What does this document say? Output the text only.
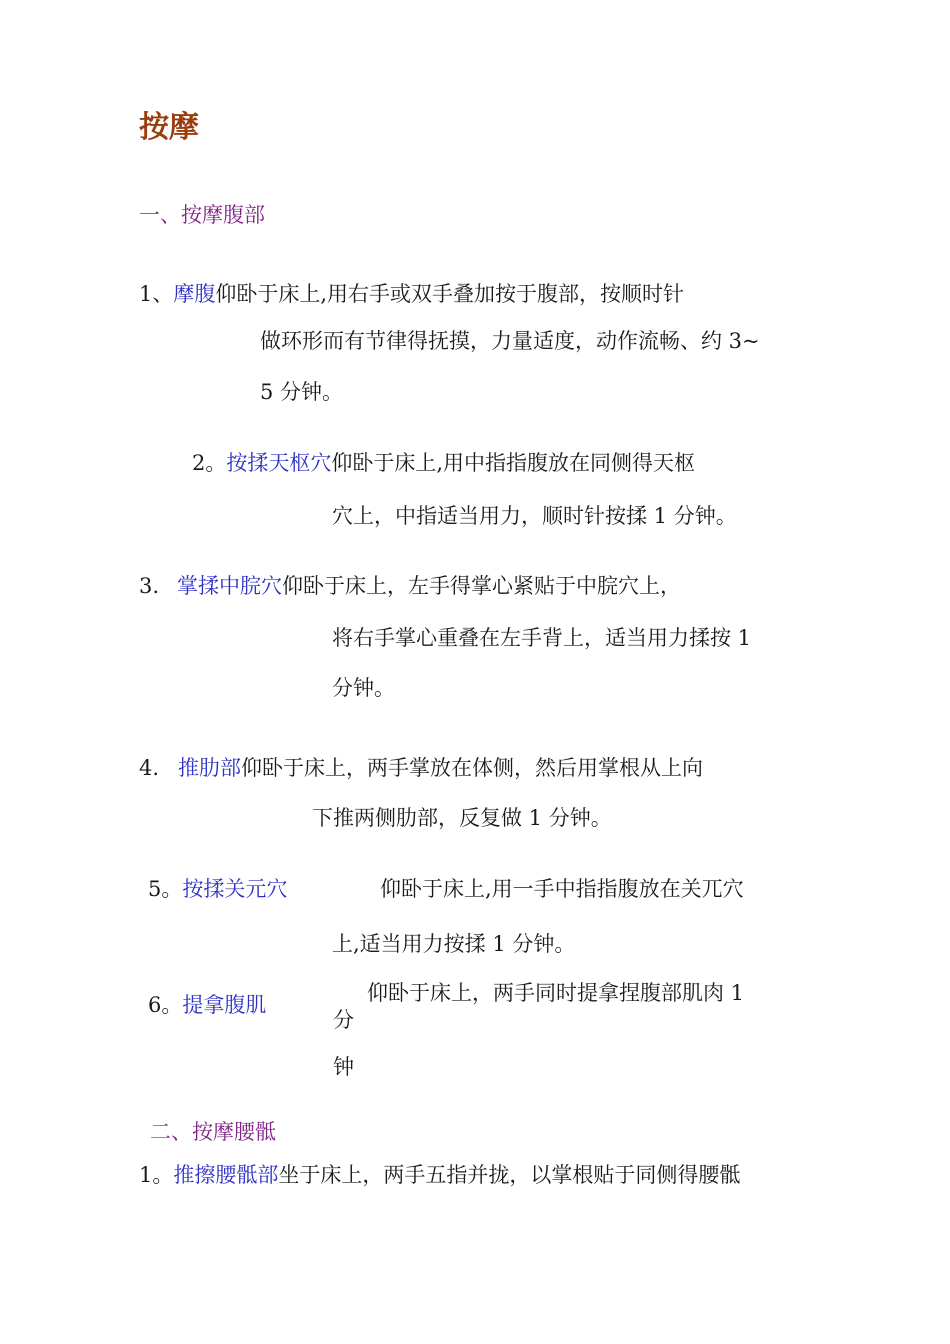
按摩
一、按摩腹部
1、摩腹仰卧于床上,用右手或双手叠加按于腹部，按顺时针
做环形而有节律得抚摸，力量适度，动作流畅、约 3~
5 分钟。
2。按揉天枢穴仰卧于床上,用中指指腹放在同侧得天枢
穴上，中指适当用力，顺时针按揉 1 分钟。
3. 掌揉中脘穴仰卧于床上，左手得掌心紧贴于中脘穴上，
将右手掌心重叠在左手背上，适当用力揉按 1
分钟。
4. 推肋部仰卧于床上，两手掌放在体侧，然后用掌根从上向
下推两侧肋部，反复做 1 分钟。
5。按揉关元穴	仰卧于床上,用一手中指指腹放在关兀穴
上,适当用力按揉 1 分钟。
6。提拿腹肌	仰卧于床上，两手同时提拿捏腹部肌肉 1
分
钟
二、按摩腰骶
1。推擦腰骶部坐于床上，两手五指并拢，以掌根贴于同侧得腰骶
